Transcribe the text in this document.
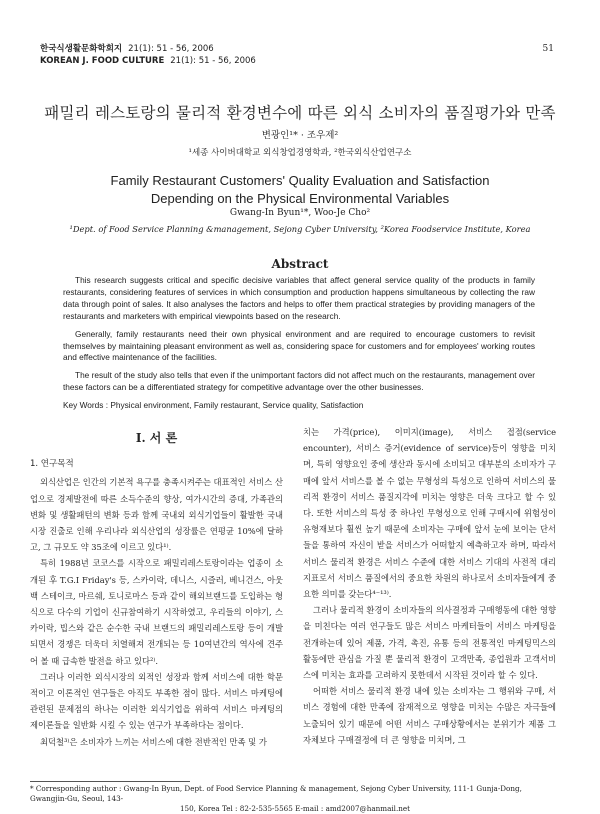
한국식생활문화학회지 21(1): 51 - 56, 2006
KOREAN J. FOOD CULTURE 21(1): 51 - 56, 2006
51
패밀리 레스토랑의 물리적 환경변수에 따른 외식 소비자의 품질평가와 만족
변광인¹* · 조우제²
¹세종 사이버대학교 외식창업경영학과, ²한국외식산업연구소
Family Restaurant Customers' Quality Evaluation and Satisfaction
Depending on the Physical Environmental Variables
Gwang-In Byun¹*, Woo-Je Cho²
¹Dept. of Food Service Planning &management, Sejong Cyber University, ²Korea Foodservice Institute, Korea
Abstract

This research suggests critical and specific decisive variables that affect general service quality of the products in family restaurants, considering features of services in which consumption and production happens simultaneous by collecting the raw data through point of sales. It also analyses the factors and helps to offer them practical strategies by providing managers of the restaurants and marketers with empirical viewpoints based on the research.

Generally, family restaurants need their own physical environment and are required to encourage customers to revisit themselves by maintaining pleasant environment as well as, considering space for customers and for employees' working routes and effective maintenance of the facilities.

The result of the study also tells that even if the unimportant factors did not affect much on the restaurants, management over these factors can be a differentiated strategy for competitive advantage over the other businesses.

Key Words : Physical environment, Family restaurant, Service quality, Satisfaction
Ⅰ. 서 론
1. 연구목적

외식산업은 인간의 기본적 욕구를 충족시켜주는 대표적인 서비스 산업으로 경제발전에 따른 소득수준의 향상, 여가시간의 증대, 가족관의 변화 및 생활패턴의 변화 등과 함께 국내외 외식기업들이 활발한 국내시장 진출로 인해 우리나라 외식산업의 성장률은 연평균 10%에 달하고, 그 규모도 약 35조에 이르고 있다¹⁾.

특히 1988년 코코스를 시작으로 패밀리레스토랑이라는 업종이 소개된 후 T.G.I Friday's 등, 스카이락, 데니스, 시즐러, 베니건스, 아웃백 스테이크, 마르쉐, 토니로마스 등과 같이 해외브랜드를 도입하는 형식으로 다수의 기업이 신규참여하기 시작하였고, 우리들의 이야기, 스카이락, 빕스와 같은 순수한 국내 브랜드의 패밀리레스토랑 등이 개발되면서 경쟁은 더욱더 치열해져 전개되는 등 10여년간의 역사에 견주어 볼 때 급속한 발전을 하고 있다²⁾.

그러나 이러한 외식시장의 외적인 성장과 함께 서비스에 대한 학문적이고 이론적인 연구들은 아직도 부족한 점이 많다. 서비스 마케팅에 관련된 문제점의 하나는 이러한 외식기업을 위하여 서비스 마케팅의 제이론들을 일반화 시킬 수 있는 연구가 부족하다는 점이다.

최덕철³⁾은 소비자가 느끼는 서비스에 대한 전반적인 만족 및 가

치는 가격(price), 이미지(image), 서비스 접점(service encounter), 서비스 증거(evidence of service)등이 영향을 미치며, 특히 영향요인 중에 생산과 동시에 소비되고 대부분의 소비자가 구매에 앞서 서비스를 볼 수 없는 무형성의 특성으로 인하여 서비스의 물리적 환경이 서비스 품질지각에 미치는 영향은 더욱 크다고 할 수 있다. 또한 서비스의 특성 중 하나인 무형성으로 인해 구매시에 위험성이 유형재보다 훨씬 높기 때문에 소비자는 구매에 앞서 눈에 보이는 단서들을 통하여 자신이 받을 서비스가 어떠할지 예측하고자 하며, 따라서 서비스 물리적 환경은 서비스 수준에 대한 서비스 기대의 사전적 대리 지표로서 서비스 품질에서의 중요한 차원의 하나로서 소비자들에게 중요한 의미를 갖는다⁴⁻¹³⁾.

그러나 물리적 환경이 소비자들의 의사결정과 구매행동에 대한 영향을 미친다는 여러 연구들도 많은 서비스 마케터들이 서비스 마케팅을 전개하는데 있어 제품, 가격, 촉진, 유통 등의 전통적인 마케팅믹스의 활동에만 관심을 가질 뿐 물리적 환경이 고객만족, 종업원과 고객서비스에 미치는 효과를 고려하지 못한데서 시작된 것이라 할 수 있다.

어떠한 서비스 물리적 환경 내에 있는 소비자는 그 행위와 구매, 서비스 경험에 대한 만족에 잠재적으로 영향을 미치는 수많은 자극들에 노출되어 있기 때문에 어떤 서비스 구매상황에서는 분위기가 제품 그 자체보다 구매결정에 더 큰 영향을 미치며, 그

* Corresponding author : Gwang-In Byun, Dept. of Food Service Planning & management, Sejong Cyber University, 111-1 Gunja-Dong, Gwangjin-Gu, Seoul, 143-
150, Korea Tel : 82-2-535-5565 E-mail : amd2007@hanmail.net
